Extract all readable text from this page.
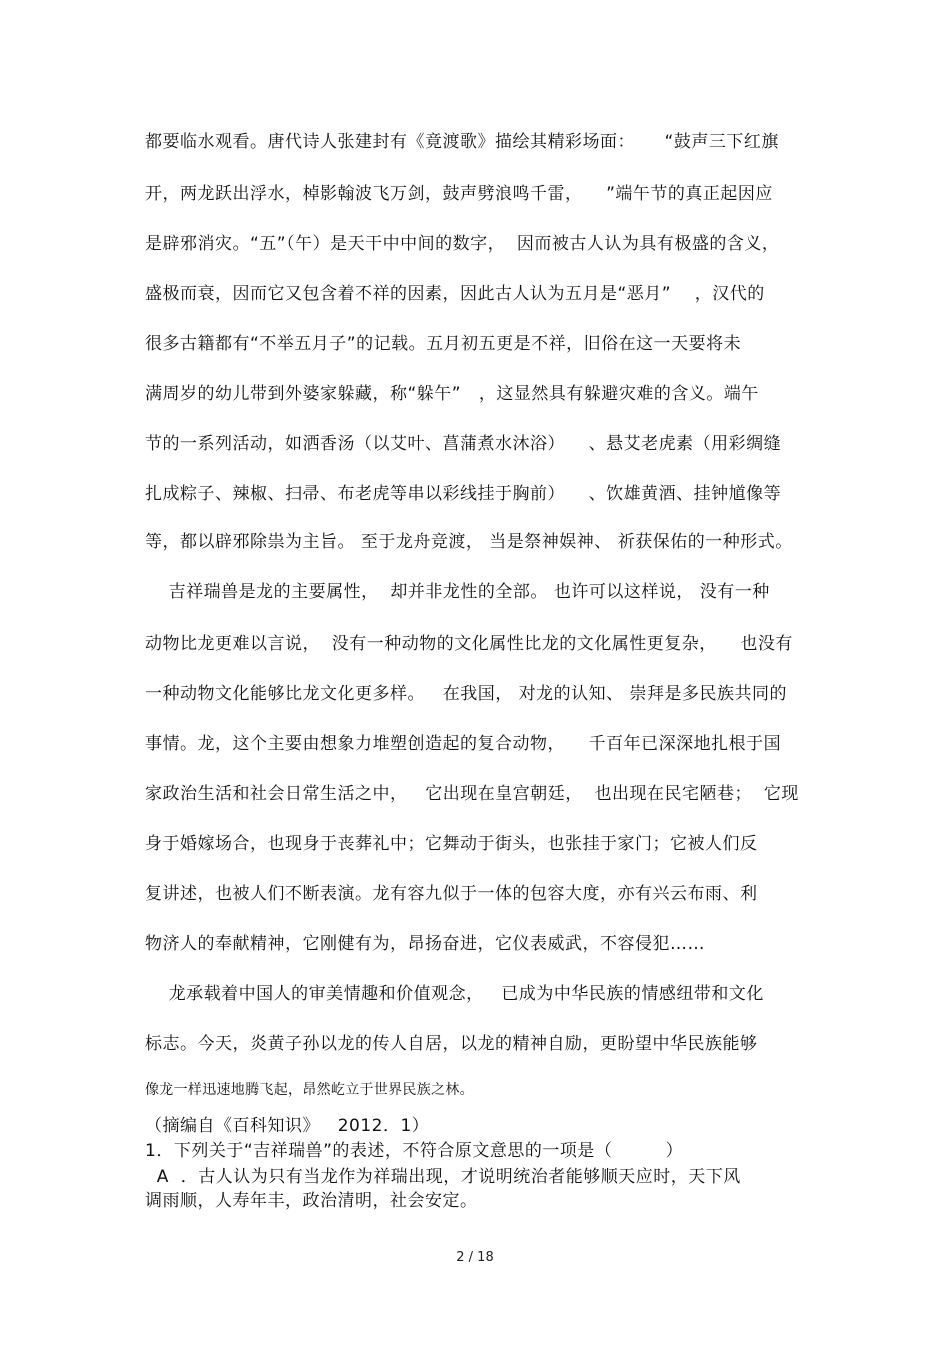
都要临水观看。唐代诗人张建封有《竟渡歌》描绘其精彩场面：     “鼓声三下红旗
开，两龙跃出浮水，棹影翰波飞万剑，鼓声劈浪鸣千雷，    ”端午节的真正起因应
是辟邪消灾。“五”（午）是天干中中间的数字，  因而被古人认为具有极盛的含义，
盛极而衰，因而它又包含着不祥的因素，因此古人认为五月是“恶月”    ，汉代的
很多古籍都有“不举五月子”的记载。五月初五更是不祥，旧俗在这一天要将未
满周岁的幼儿带到外婆家躲藏，称“躲午”   ，这显然具有躲避灾难的含义。端午
节的一系列活动，如洒香汤（以艾叶、菖蒲煮水沐浴）    、悬艾老虎素（用彩绸缝
扎成粽子、辣椒、扫帚、布老虎等串以彩线挂于胸前）    、饮雄黄酒、挂钟馗像等
等，都以辟邪除祟为主旨。 至于龙舟竞渡， 当是祭神娱神、 祈获保佑的一种形式。
吉祥瑞兽是龙的主要属性，  却并非龙性的全部。 也许可以这样说， 没有一种
动物比龙更难以言说，  没有一种动物的文化属性比龙的文化属性更复杂，    也没有
一种动物文化能够比龙文化更多样。   在我国， 对龙的认知、 崇拜是多民族共同的
事情。龙，这个主要由想象力堆塑创造起的复合动物，    千百年已深深地扎根于国
家政治生活和社会日常生活之中，   它出现在皇宫朝廷，  也出现在民宅陋巷；  它现
身于婚嫁场合，也现身于丧葬礼中；它舞动于街头，也张挂于家门；它被人们反
复讲述，也被人们不断表演。龙有容九似于一体的包容大度，亦有兴云布雨、利
物济人的奉献精神，它刚健有为，昂扬奋进，它仪表威武，不容侵犯……
龙承载着中国人的审美情趣和价值观念，   已成为中华民族的情感纽带和文化
标志。今天，炎黄子孙以龙的传人自居，以龙的精神自励，更盼望中华民族能够
像龙一样迅速地腾飞起，昂然屹立于世界民族之林。
（摘编自《百科知识》   2012．1）
1．下列关于“吉祥瑞兽”的表述，不符合原文意思的一项是（         ）
A  ．古人认为只有当龙作为祥瑞出现，才说明统治者能够顺天应时，天下风
调雨顺，人寿年丰，政治清明，社会安定。
2 / 18
